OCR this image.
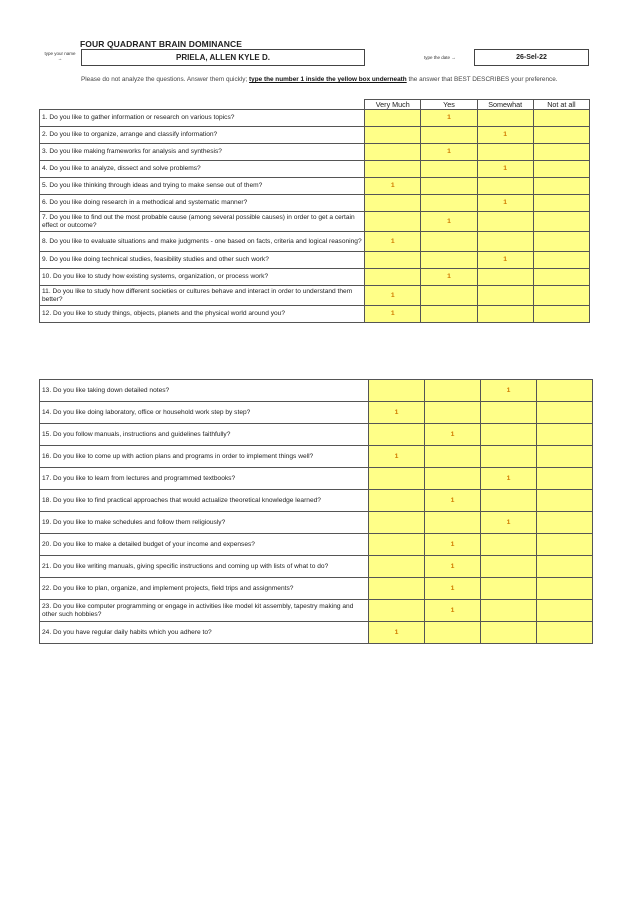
FOUR QUADRANT BRAIN DOMINANCE
type your name →	PRIELA, ALLEN KYLE D.	type the date →	26-Sel-22
Please do not analyze the questions. Answer them quickly; type the number 1 inside the yellow box underneath the answer that BEST DESCRIBES your preference.
	Very Much	Yes	Somewhat	Not at all
1. Do you like to gather information or research on various topics?		1		
2. Do you like to organize, arrange and classify information?			1	
3. Do you like making frameworks for analysis and synthesis?		1		
4. Do you like to analyze, dissect and solve problems?			1	
5. Do you like thinking through ideas and trying to make sense out of them?	1			
6. Do you like doing research in a methodical and systematic manner?			1	
7. Do you like to find out the most probable cause (among several possible causes) in order to get a certain effect or outcome?		1		
8. Do you like to evaluate situations and make judgments - one based on facts, criteria and logical reasoning?	1			
9. Do you like doing technical studies, feasibility studies and other such work?			1	
10. Do you like to study how existing systems, organization, or process work?		1		
11. Do you like to study how different societies or cultures behave and interact in order to understand them better?	1			
12. Do you like to study things, objects, planets and the physical world around you?	1			
13. Do you like taking down detailed notes?			1	
14. Do you like doing laboratory, office or household work step by step?	1			
15. Do you follow manuals, instructions and guidelines faithfully?		1		
16. Do you like to come up with action plans and programs in order to implement things well?	1			
17. Do you like to learn from lectures and programmed textbooks?			1	
18. Do you like to find practical approaches that would actualize theoretical knowledge learned?		1		
19. Do you like to make schedules and follow them religiously?			1	
20. Do you like to make a detailed budget of your income and expenses?		1		
21. Do you like writing manuals, giving specific instructions and coming up with lists of what to do?		1		
22. Do you like to plan, organize, and implement projects, field trips and assignments?		1		
23. Do you like computer programming or engage in activities like model kit assembly, tapestry making and other such hobbies?		1		
24. Do you have regular daily habits which you adhere to?	1			
